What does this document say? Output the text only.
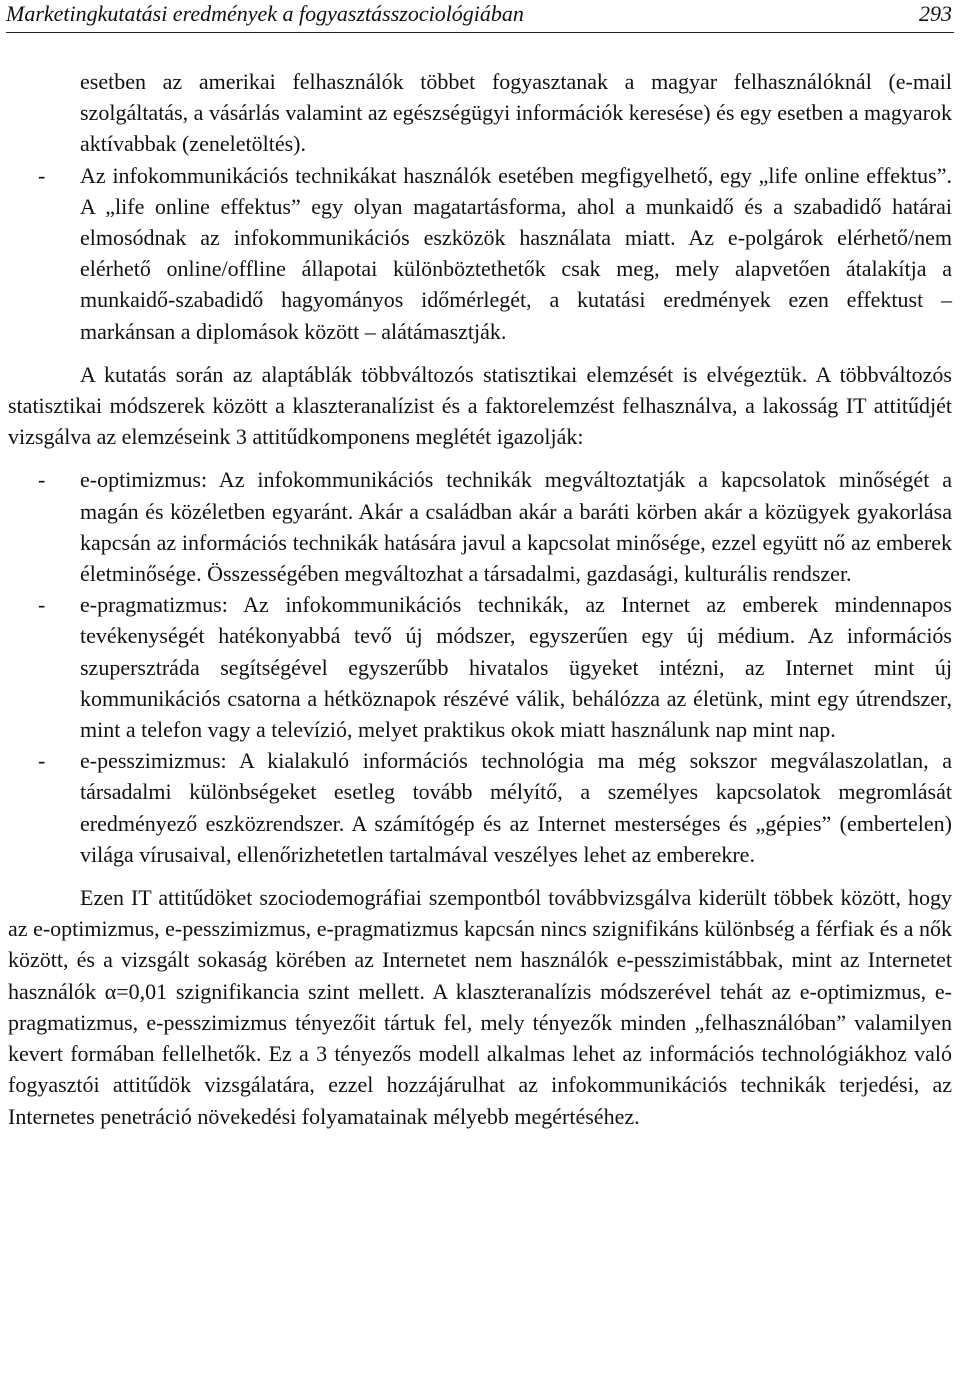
Marketingkutatási eredmények a fogyasztásszociológiában	293

esetben az amerikai felhasználók többet fogyasztanak a magyar felhasználóknál (e-mail szolgáltatás, a vásárlás valamint az egészségügyi információk keresése) és egy esetben a magyarok aktívabbak (zeneletöltés).

- Az infokommunikációs technikákat használók esetében megfigyelhető, egy „life online effektus”. A „life online effektus” egy olyan magatartásforma, ahol a munkaidő és a szabadidő határai elmosódnak az infokommunikációs eszközök használata miatt. Az e-polgárok elérhető/nem elérhető online/offline állapotai különböztethetők csak meg, mely alapvetően átalakítja a munkaidő-szabadidő hagyományos időmérlegét, a kutatási eredmények ezen effektust – markánsan a diplomások között – alátámasztják.

A kutatás során az alaptáblák többváltozós statisztikai elemzését is elvégeztük. A többváltozós statisztikai módszerek között a klaszteranalízist és a faktorelemzést felhasználva, a lakosság IT attitűdjét vizsgálva az elemzéseink 3 attitűdkomponens meglétét igazolják:

- e-optimizmus: Az infokommunikációs technikák megváltoztatják a kapcsolatok minőségét a magán és közéletben egyaránt. Akár a családban akár a baráti körben akár a közügyek gyakorlása kapcsán az információs technikák hatására javul a kapcsolat minősége, ezzel együtt nő az emberek életminősége. Összességében megváltozhat a társadalmi, gazdasági, kulturális rendszer.
- e-pragmatizmus: Az infokommunikációs technikák, az Internet az emberek mindennapos tevékenységét hatékonyabbá tevő új módszer, egyszerűen egy új médium. Az információs szupersztráda segítségével egyszerűbb hivatalos ügyeket intézni, az Internet mint új kommunikációs csatorna a hétköznapok részévé válik, behálózza az életünk, mint egy útrendszer, mint a telefon vagy a televízió, melyet praktikus okok miatt használunk nap mint nap.
- e-pesszimizmus: A kialakuló információs technológia ma még sokszor megválaszolatlan, a társadalmi különbségeket esetleg tovább mélyítő, a személyes kapcsolatok megromlását eredményező eszközrendszer. A számítógép és az Internet mesterséges és „gépies” (embertelen) világa vírusaival, ellenőrizhetetlen tartalmával veszélyes lehet az emberekre.

Ezen IT attitűdöket szociodemográfiai szempontból továbbvizsgálva kiderült többek között, hogy az e-optimizmus, e-pesszimizmus, e-pragmatizmus kapcsán nincs szignifikáns különbség a férfiak és a nők között, és a vizsgált sokaság körében az Internetet nem használók e-pesszimistábbak, mint az Internetet használók α=0,01 szignifikancia szint mellett. A klaszteranalízis módszerével tehát az e-optimizmus, e-pragmatizmus, e-pesszimizmus tényezőit tártuk fel, mely tényezők minden „felhasználóban” valamilyen kevert formában fellelhetők. Ez a 3 tényezős modell alkalmas lehet az információs technológiákhoz való fogyasztói attitűdök vizsgálatára, ezzel hozzájárulhat az infokommunikációs technikák terjedési, az Internetes penetráció növekedési folyamatainak mélyebb megértéséhez.
